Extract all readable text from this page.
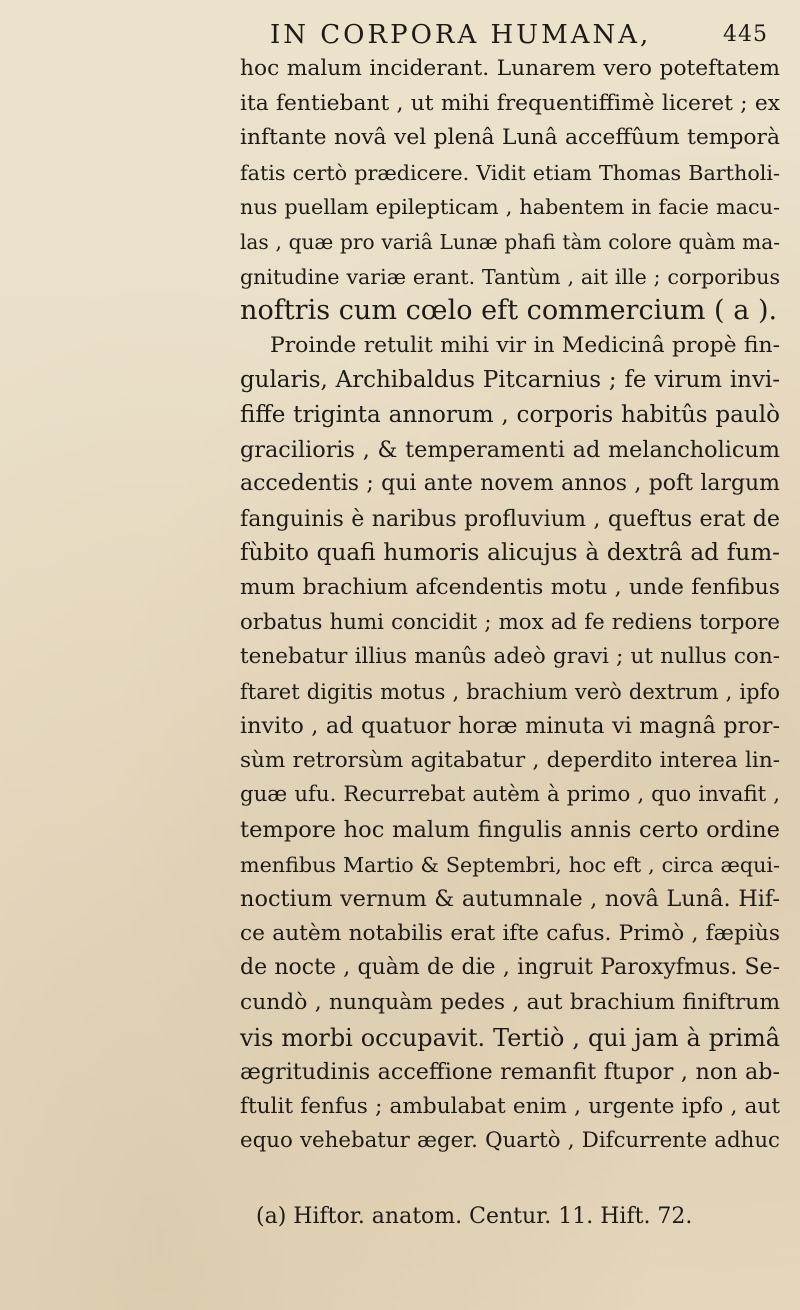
IN CORPORA HUMANA,	445
hoc malum inciderant. Lunarem vero poteftatem
ita fentiebant , ut mihi frequentiffimè liceret ; ex
inftante novâ vel plenâ Lunâ acceffûum temporà
fatis certò prædicere. Vidit etiam Thomas Bartholi-
nus puellam epilepticam , habentem in facie macu-
las , quæ pro variâ Lunæ phafi tàm colore quàm ma-
gnitudine variæ erant. Tantùm , ait ille ; corporibus
noftris cum cœlo eft commercium ( a ).
Proinde retulit mihi vir in Medicinâ propè fin-
gularis, Archibaldus Pitcarnius ; fe virum invi-
fiffe triginta annorum , corporis habitûs paulò
gracilioris , & temperamenti ad melancholicum
accedentis ; qui ante novem annos , poft largum
fanguinis è naribus profluvium , queftus erat de
fùbito quafi humoris alicujus à dextrâ ad fum-
mum brachium afcendentis motu , unde fenfibus
orbatus humi concidit ; mox ad fe rediens torpore
tenebatur illius manûs adeò gravi ; ut nullus con-
ftaret digitis motus , brachium verò dextrum , ipfo
invito , ad quatuor horæ minuta vi magnâ pror-
sùm retrorsùm agitabatur , deperdito interea lin-
guæ ufu. Recurrebat autèm à primo , quo invafit ,
tempore hoc malum fingulis annis certo ordine
menfibus Martio & Septembri, hoc eft , circa æqui-
noctium vernum & autumnale , novâ Lunâ. Hif-
ce autèm notabilis erat ifte cafus. Primò , fæpiùs
de nocte , quàm de die , ingruit Paroxyfmus. Se-
cundò , nunquàm pedes , aut brachium finiftrum
vis morbi occupavit. Tertiò , qui jam à primâ
ægritudinis acceffione remanfit ftupor , non ab-
ftulit fenfus ; ambulabat enim , urgente ipfo , aut
equo vehebatur æger. Quartò , Difcurrente adhuc
(a) Hiftor. anatom. Centur. 11. Hift. 72.
